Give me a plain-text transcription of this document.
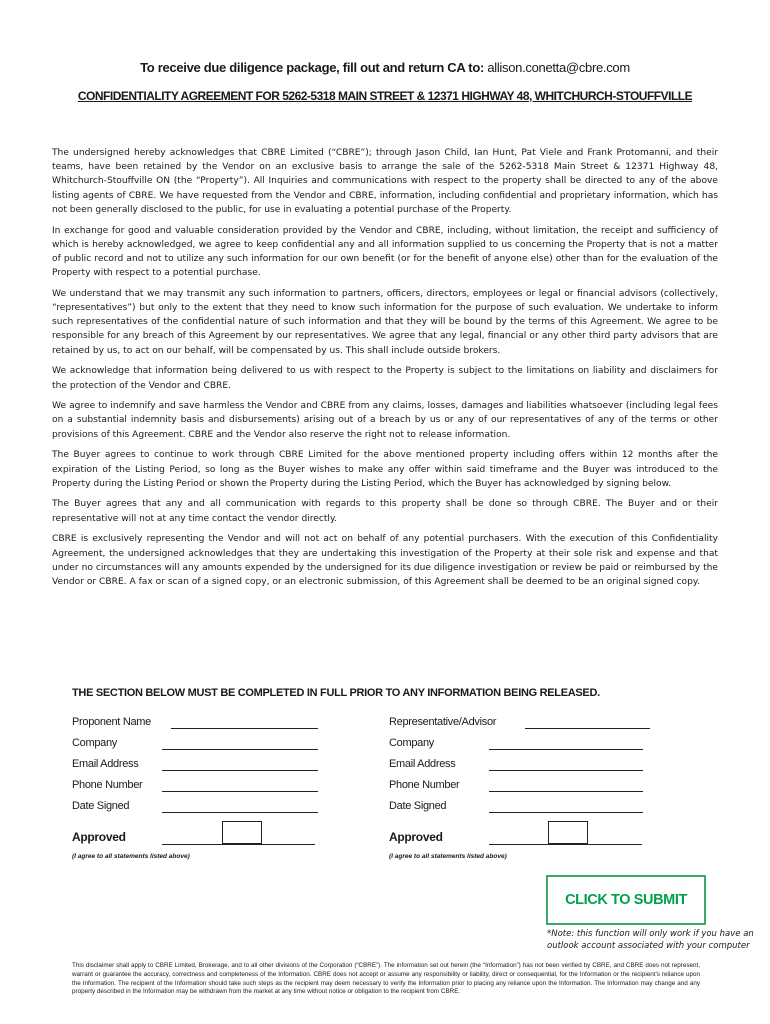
To receive due diligence package, fill out and return CA to: allison.conetta@cbre.com
CONFIDENTIALITY AGREEMENT FOR 5262-5318 MAIN STREET & 12371 HIGHWAY 48, WHITCHURCH-STOUFFVILLE

The undersigned hereby acknowledges that CBRE Limited (“CBRE”); through Jason Child, Ian Hunt, Pat Viele and Frank Protomanni, and their teams, have been retained by the Vendor on an exclusive basis to arrange the sale of the 5262-5318 Main Street & 12371 Highway 48, Whitchurch-Stouffville ON (the “Property”). All Inquiries and communications with respect to the property shall be directed to any of the above listing agents of CBRE. We have requested from the Vendor and CBRE, information, including confidential and proprietary information, which has not been generally disclosed to the public, for use in evaluating a potential purchase of the Property.

In exchange for good and valuable consideration provided by the Vendor and CBRE, including, without limitation, the receipt and sufficiency of which is hereby acknowledged, we agree to keep confidential any and all information supplied to us concerning the Property that is not a matter of public record and not to utilize any such information for our own benefit (or for the benefit of anyone else) other than for the evaluation of the Property with respect to a potential purchase.

We understand that we may transmit any such information to partners, officers, directors, employees or legal or financial advisors (collectively, “representatives”) but only to the extent that they need to know such information for the purpose of such evaluation. We undertake to inform such representatives of the confidential nature of such information and that they will be bound by the terms of this Agreement. We agree to be responsible for any breach of this Agreement by our representatives. We agree that any legal, financial or any other third party advisors that are retained by us, to act on our behalf, will be compensated by us. This shall include outside brokers.

We acknowledge that information being delivered to us with respect to the Property is subject to the limitations on liability and disclaimers for the protection of the Vendor and CBRE.

We agree to indemnify and save harmless the Vendor and CBRE from any claims, losses, damages and liabilities whatsoever (including legal fees on a substantial indemnity basis and disbursements) arising out of a breach by us or any of our representatives of any of the terms or other provisions of this Agreement. CBRE and the Vendor also reserve the right not to release information.

The Buyer agrees to continue to work through CBRE Limited for the above mentioned property including offers within 12 months after the expiration of the Listing Period, so long as the Buyer wishes to make any offer within said timeframe and the Buyer was introduced to the Property during the Listing Period or shown the Property during the Listing Period, which the Buyer has acknowledged by signing below.

The Buyer agrees that any and all communication with regards to this property shall be done so through CBRE. The Buyer and or their representative will not at any time contact the vendor directly.

CBRE is exclusively representing the Vendor and will not act on behalf of any potential purchasers. With the execution of this Confidentiality Agreement, the undersigned acknowledges that they are undertaking this investigation of the Property at their sole risk and expense and that under no circumstances will any amounts expended by the undersigned for its due diligence investigation or review be paid or reimbursed by the Vendor or CBRE. A fax or scan of a signed copy, or an electronic submission, of this Agreement shall be deemed to be an original signed copy.

THE SECTION BELOW MUST BE COMPLETED IN FULL PRIOR TO ANY INFORMATION BEING RELEASED.
Proponent Name
Company
Email Address
Phone Number
Date Signed
Approved
(I agree to all statements listed above)
Representative/Advisor
Company
Email Address
Phone Number
Date Signed
Approved
(I agree to all statements listed above)
CLICK TO SUBMIT
*Note: this function will only work if you have an outlook account associated with your computer
This disclaimer shall apply to CBRE Limited, Brokerage, and to all other divisions of the Corporation (“CBRE”). The information set out herein (the “Information”) has not been verified by CBRE, and CBRE does not represent, warrant or guarantee the accuracy, correctness and completeness of the Information. CBRE does not accept or assume any responsibility or liability, direct or consequential, for the Information or the recipient’s reliance upon the Information. The recipient of the Information should take such steps as the recipient may deem necessary to verify the Information prior to placing any reliance upon the Information. The Information may change and any property described in the Information may be withdrawn from the market at any time without notice or obligation to the recipient from CBRE.
